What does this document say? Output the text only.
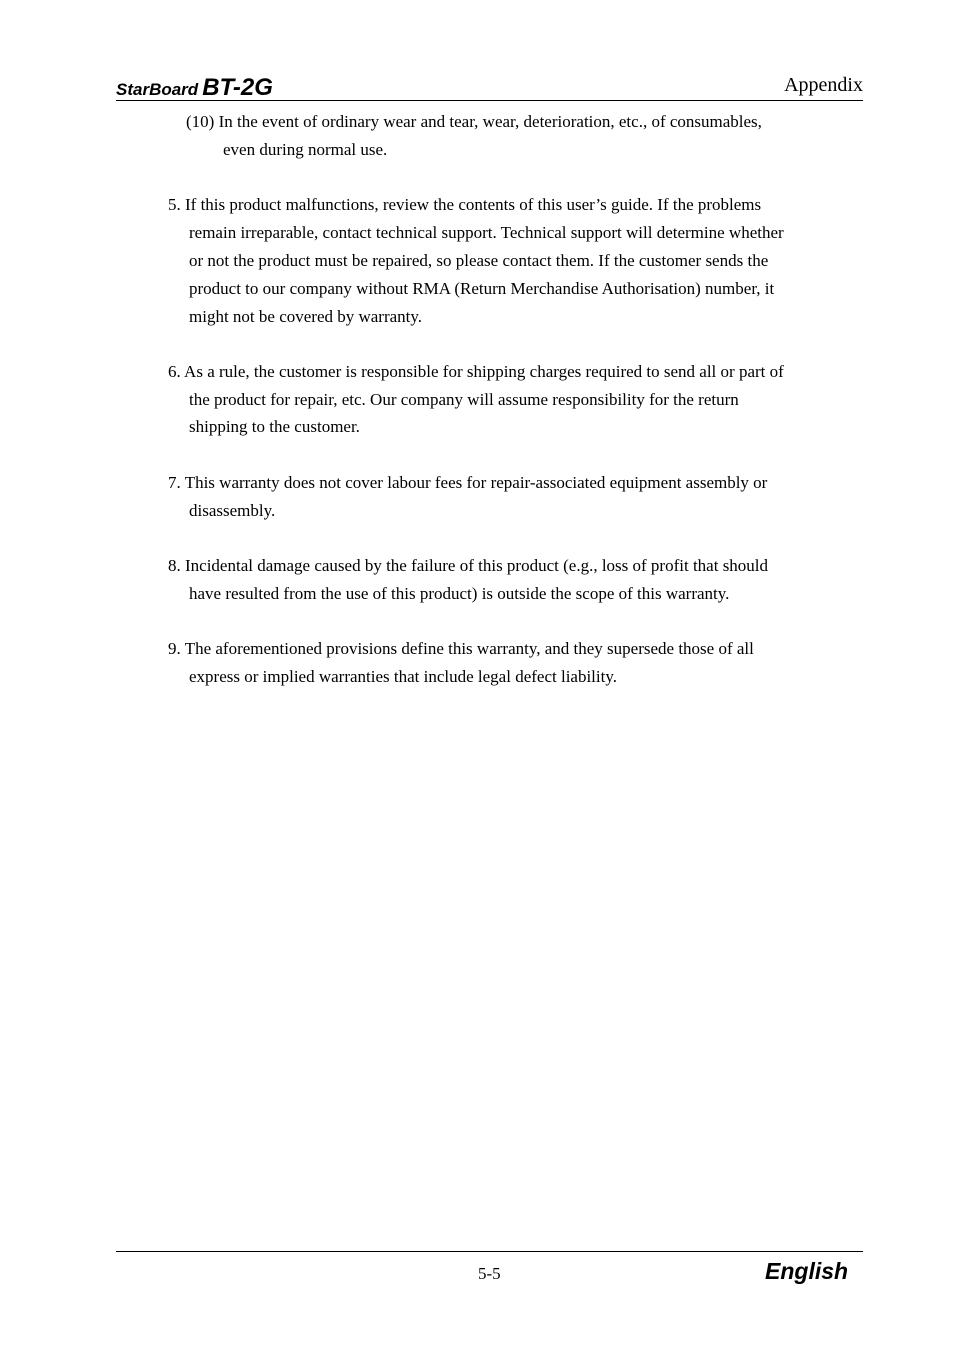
StarBoard BT-2G	Appendix
(10) In the event of ordinary wear and tear, wear, deterioration, etc., of consumables,
even during normal use.
5. If this product malfunctions, review the contents of this user’s guide. If the problems
remain irreparable, contact technical support. Technical support will determine whether
or not the product must be repaired, so please contact them. If the customer sends the
product to our company without RMA (Return Merchandise Authorisation) number, it
might not be covered by warranty.
6. As a rule, the customer is responsible for shipping charges required to send all or part of
the product for repair, etc. Our company will assume responsibility for the return
shipping to the customer.
7. This warranty does not cover labour fees for repair-associated equipment assembly or
disassembly.
8. Incidental damage caused by the failure of this product (e.g., loss of profit that should
have resulted from the use of this product) is outside the scope of this warranty.
9. The aforementioned provisions define this warranty, and they supersede those of all
express or implied warranties that include legal defect liability.
5-5	English
